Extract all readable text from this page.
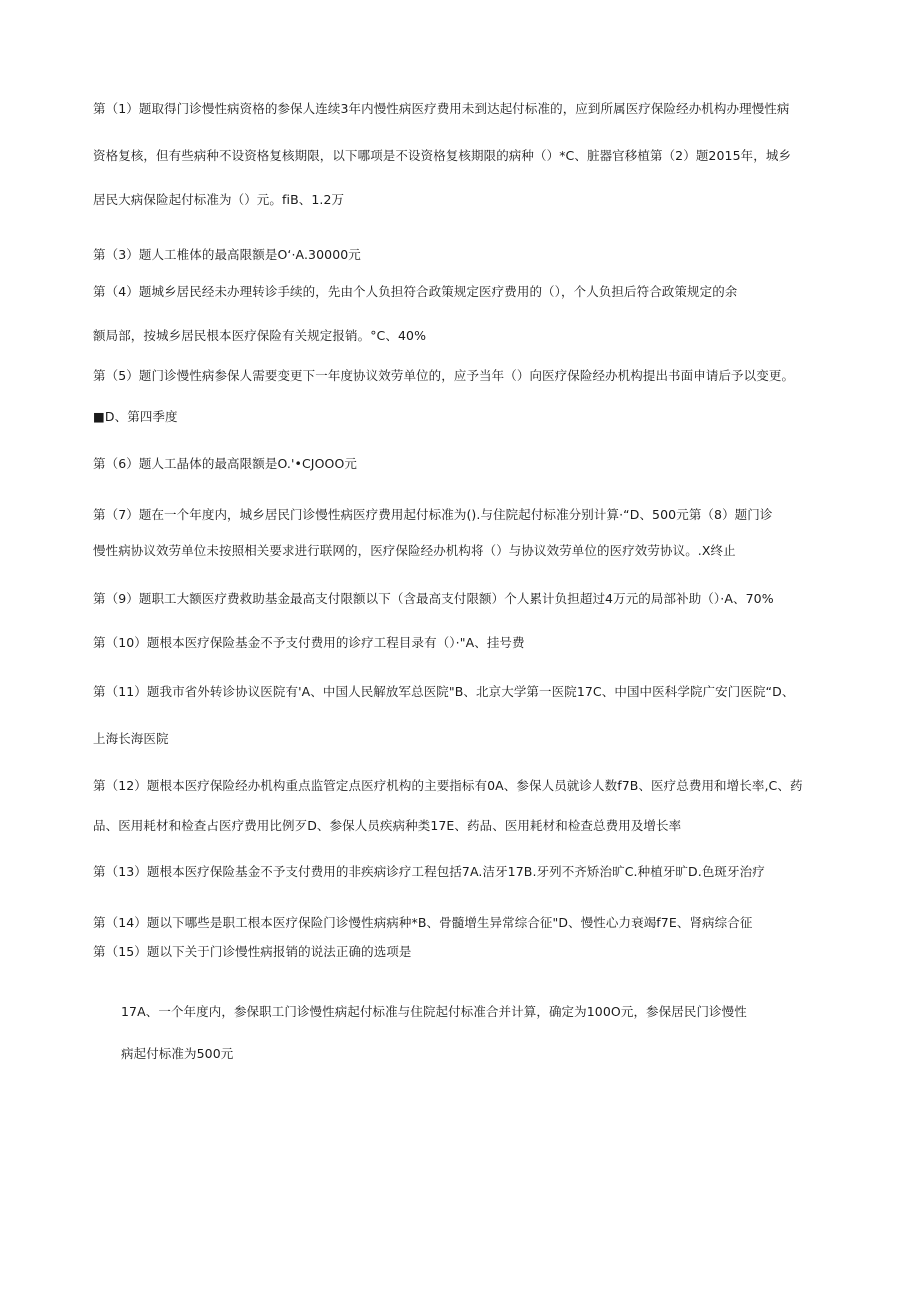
第（1）题取得门诊慢性病资格的参保人连续3年内慢性病医疗费用未到达起付标准的，应到所属医疗保险经办机构办理慢性病
资格复核，但有些病种不设资格复核期限，以下哪项是不设资格复核期限的病种（）*C、脏器官移植第（2）题2015年，城乡
居民大病保险起付标准为（）元。fiB、1.2万
第（3）题人工椎体的最高限额是O‘·A.30000元
第（4）题城乡居民经未办理转诊手续的，先由个人负担符合政策规定医疗费用的（），个人负担后符合政策规定的余
额局部，按城乡居民根本医疗保险有关规定报销。°C、40%
第（5）题门诊慢性病参保人需要变更下一年度协议效劳单位的，应予当年（）向医疗保险经办机构提出书面申请后予以变更。
■D、第四季度
第（6）题人工晶体的最高限额是O.'•CJOOO元
第（7）题在一个年度内，城乡居民门诊慢性病医疗费用起付标准为().与住院起付标准分别计算·“D、500元第（8）题门诊
慢性病协议效劳单位未按照相关要求进行联网的，医疗保险经办机构将（）与协议效劳单位的医疗效劳协议。.X终止
第（9）题职工大额医疗费救助基金最高支付限额以下（含最高支付限额）个人累计负担超过4万元的局部补助（）·A、70%
第（10）题根本医疗保险基金不予支付费用的诊疗工程目录有（）·"A、挂号费
第（11）题我市省外转诊协议医院有'A、中国人民解放军总医院"B、北京大学第一医院17C、中国中医科学院广安门医院“D、
上海长海医院
第（12）题根本医疗保险经办机构重点监管定点医疗机构的主要指标有0A、参保人员就诊人数f7B、医疗总费用和增长率,C、药
品、医用耗材和检查占医疗费用比例歹D、参保人员疾病种类17E、药品、医用耗材和检查总费用及增长率
第（13）题根本医疗保险基金不予支付费用的非疾病诊疗工程包括7A.洁牙17B.牙列不齐矫治旷C.种植牙旷D.色斑牙治疗
第（14）题以下哪些是职工根本医疗保险门诊慢性病病种*B、骨髓增生异常综合征"D、慢性心力衰竭f7E、肾病综合征
第（15）题以下关于门诊慢性病报销的说法正确的选项是
17A、一个年度内，参保职工门诊慢性病起付标准与住院起付标准合并计算，确定为100O元，参保居民门诊慢性
病起付标准为500元
